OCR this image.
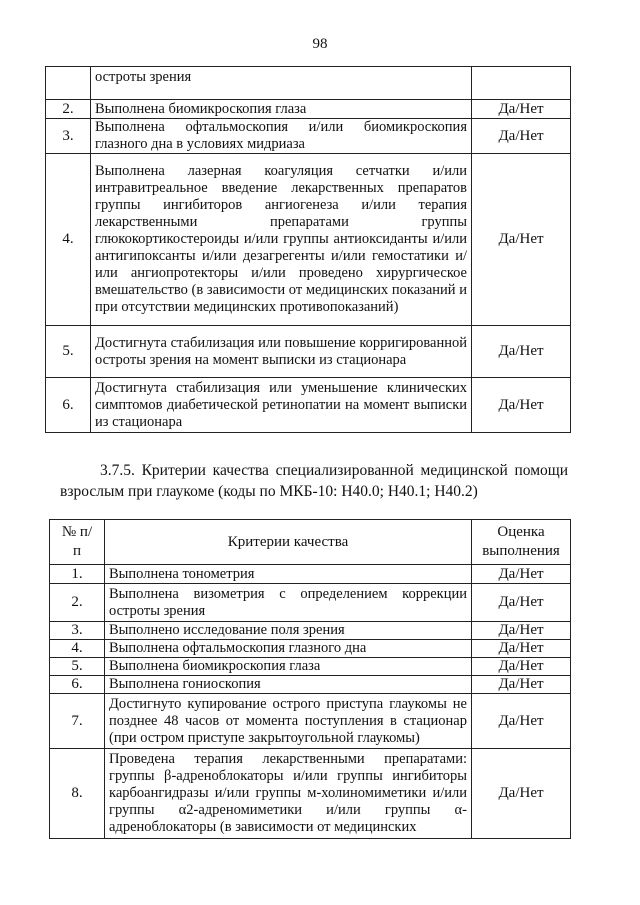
98
	остроты зрения	
2.	Выполнена биомикроскопия глаза	Да/Нет
3.	Выполнена офтальмоскопия и/или биомикроскопия глазного дна в условиях мидриаза	Да/Нет
4.	Выполнена лазерная коагуляция сетчатки и/или интравитреальное введение лекарственных препаратов группы ингибиторов ангиогенеза и/или терапия лекарственными препаратами группы глюкокортикостероиды и/или группы антиоксиданты и/или антигипоксанты и/или дезагрегенты и/или гемостатики и/или ангиопротекторы и/или проведено хирургическое вмешательство (в зависимости от медицинских показаний и при отсутствии медицинских противопоказаний)	Да/Нет
5.	Достигнута стабилизация или повышение корригированной остроты зрения на момент выписки из стационара	Да/Нет
6.	Достигнута стабилизация или уменьшение клинических симптомов диабетической ретинопатии на момент выписки из стационара	Да/Нет
3.7.5. Критерии качества специализированной медицинской помощи взрослым при глаукоме (коды по МКБ-10: H40.0; H40.1; H40.2)
№ п/п	Критерии качества	Оценка выполнения
1.	Выполнена тонометрия	Да/Нет
2.	Выполнена визометрия с определением коррекции остроты зрения	Да/Нет
3.	Выполнено исследование поля зрения	Да/Нет
4.	Выполнена офтальмоскопия глазного дна	Да/Нет
5.	Выполнена биомикроскопия глаза	Да/Нет
6.	Выполнена гониоскопия	Да/Нет
7.	Достигнуто купирование острого приступа глаукомы не позднее 48 часов от момента поступления в стационар (при остром приступе закрытоугольной глаукомы)	Да/Нет
8.	Проведена терапия лекарственными препаратами: группы β-адреноблокаторы и/или группы ингибиторы карбоангидразы и/или группы м-холиномиметики и/или группы α2-адреномиметики и/или группы α-адреноблокаторы (в зависимости от медицинских	Да/Нет
